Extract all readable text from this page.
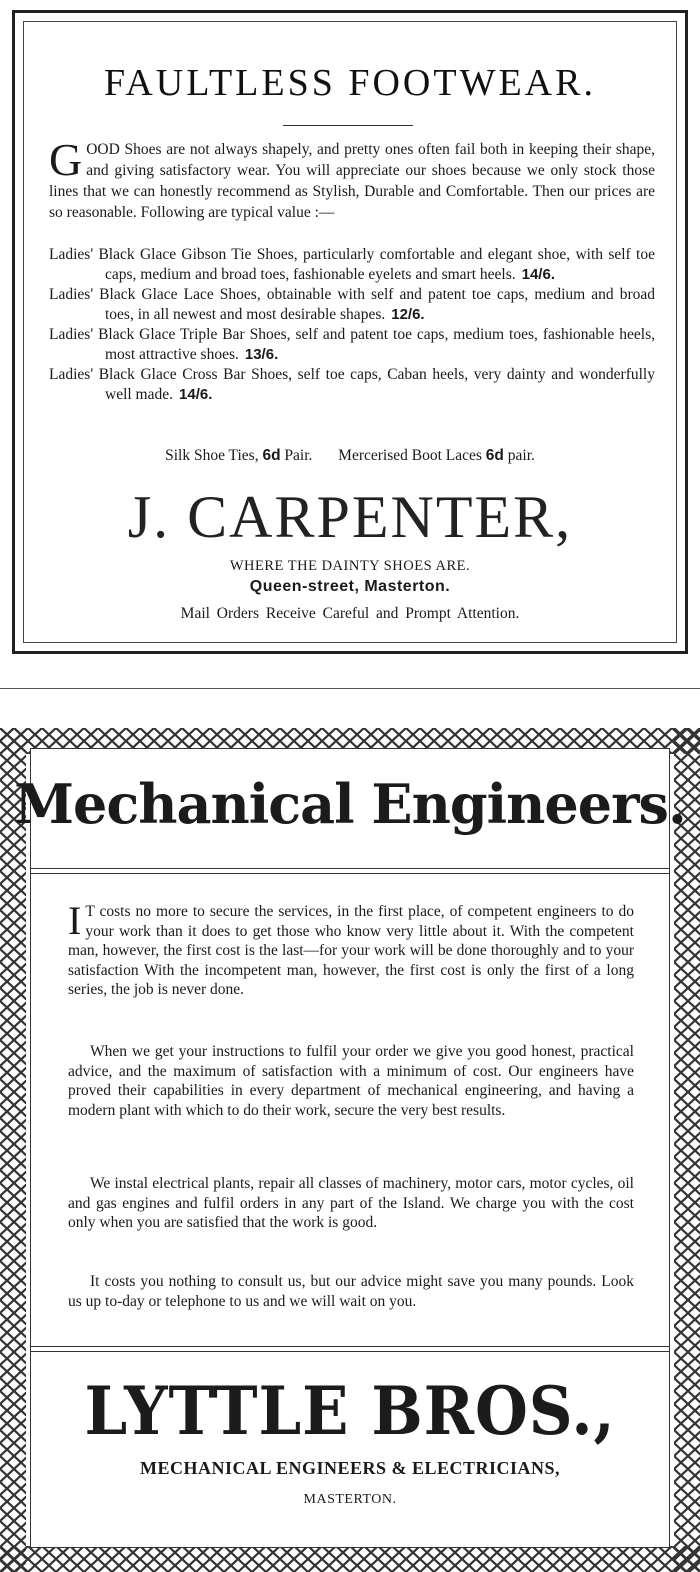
FAULTLESS FOOTWEAR.

GOOD Shoes are not always shapely, and pretty ones often fail both in keeping their shape, and giving satisfactory wear. You will appreciate our shoes because we only stock those lines that we can honestly recommend as Stylish, Durable and Comfortable. Then our prices are so reasonable. Following are typical value :—

Ladies' Black Glace Gibson Tie Shoes, particularly comfortable and elegant shoe, with self toe caps, medium and broad toes, fashionable eyelets and smart heels. 14/6.
Ladies' Black Glace Lace Shoes, obtainable with self and patent toe caps, medium and broad toes, in all newest and most desirable shapes. 12/6.
Ladies' Black Glace Triple Bar Shoes, self and patent toe caps, medium toes, fashionable heels, most attractive shoes. 13/6.
Ladies' Black Glace Cross Bar Shoes, self toe caps, Caban heels, very dainty and wonderfully well made. 14/6.
Silk Shoe Ties, 6d Pair. Mercerised Boot Laces 6d pair.
J. CARPENTER,
WHERE THE DAINTY SHOES ARE.
Queen-street, Masterton.
Mail Orders Receive Careful and Prompt Attention.
Mechanical Engineers.

I T costs no more to secure the services, in the first place, of competent engineers to do your work than it does to get those who know very little about it. With the competent man, however, the first cost is the last—for your work will be done thoroughly and to your satisfaction With the incompetent man, however, the first cost is only the first of a long series, the job is never done.

When we get your instructions to fulfil your order we give you good honest, practical advice, and the maximum of satisfaction with a minimum of cost. Our engineers have proved their capabilities in every department of mechanical engineering, and having a modern plant with which to do their work, secure the very best results.

We instal electrical plants, repair all classes of machinery, motor cars, motor cycles, oil and gas engines and fulfil orders in any part of the Island. We charge you with the cost only when you are satisfied that the work is good.

It costs you nothing to consult us, but our advice might save you many pounds. Look us up to-day or telephone to us and we will wait on you.

LYTTLE BROS.,
MECHANICAL ENGINEERS & ELECTRICIANS,
MASTERTON.
